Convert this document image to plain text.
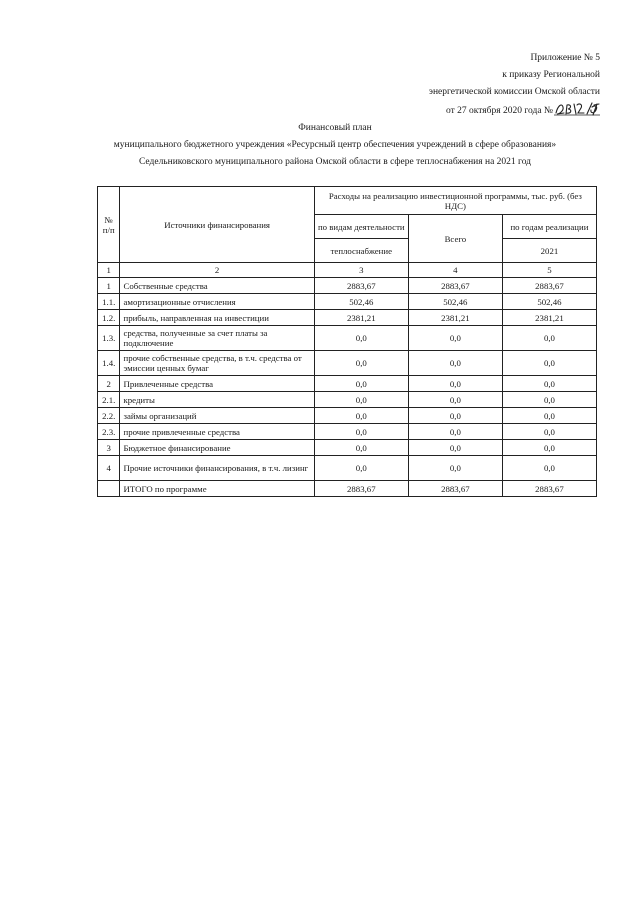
Приложение № 5
к приказу Региональной
энергетической комиссии Омской области
от 27 октября 2020 года №
Финансовый план
муниципального бюджетного учреждения «Ресурсный центр обеспечения учреждений в сфере образования»
Седельниковского муниципального района Омской области в сфере теплоснабжения на 2021 год
№ п/п	Источники финансирования	Расходы на реализацию инвестиционной программы, тыс. руб. (без НДС)		
		по видам деятельности	Всего	по годам реализации
		теплоснабжение		2021
1	2	3	4	5
1	Собственные средства	2883,67	2883,67	2883,67
1.1.	амортизационные отчисления	502,46	502,46	502,46
1.2.	прибыль, направленная на инвестиции	2381,21	2381,21	2381,21
1.3.	средства, полученные за счет платы за подключение	0,0	0,0	0,0
1.4.	прочие собственные средства, в т.ч. средства от эмиссии ценных бумаг	0,0	0,0	0,0
2	Привлеченные средства	0,0	0,0	0,0
2.1.	кредиты	0,0	0,0	0,0
2.2.	займы организаций	0,0	0,0	0,0
2.3.	прочие привлеченные средства	0,0	0,0	0,0
3	Бюджетное финансирование	0,0	0,0	0,0
4	Прочие источники финансирования, в т.ч. лизинг	0,0	0,0	0,0
	ИТОГО по программе	2883,67	2883,67	2883,67
